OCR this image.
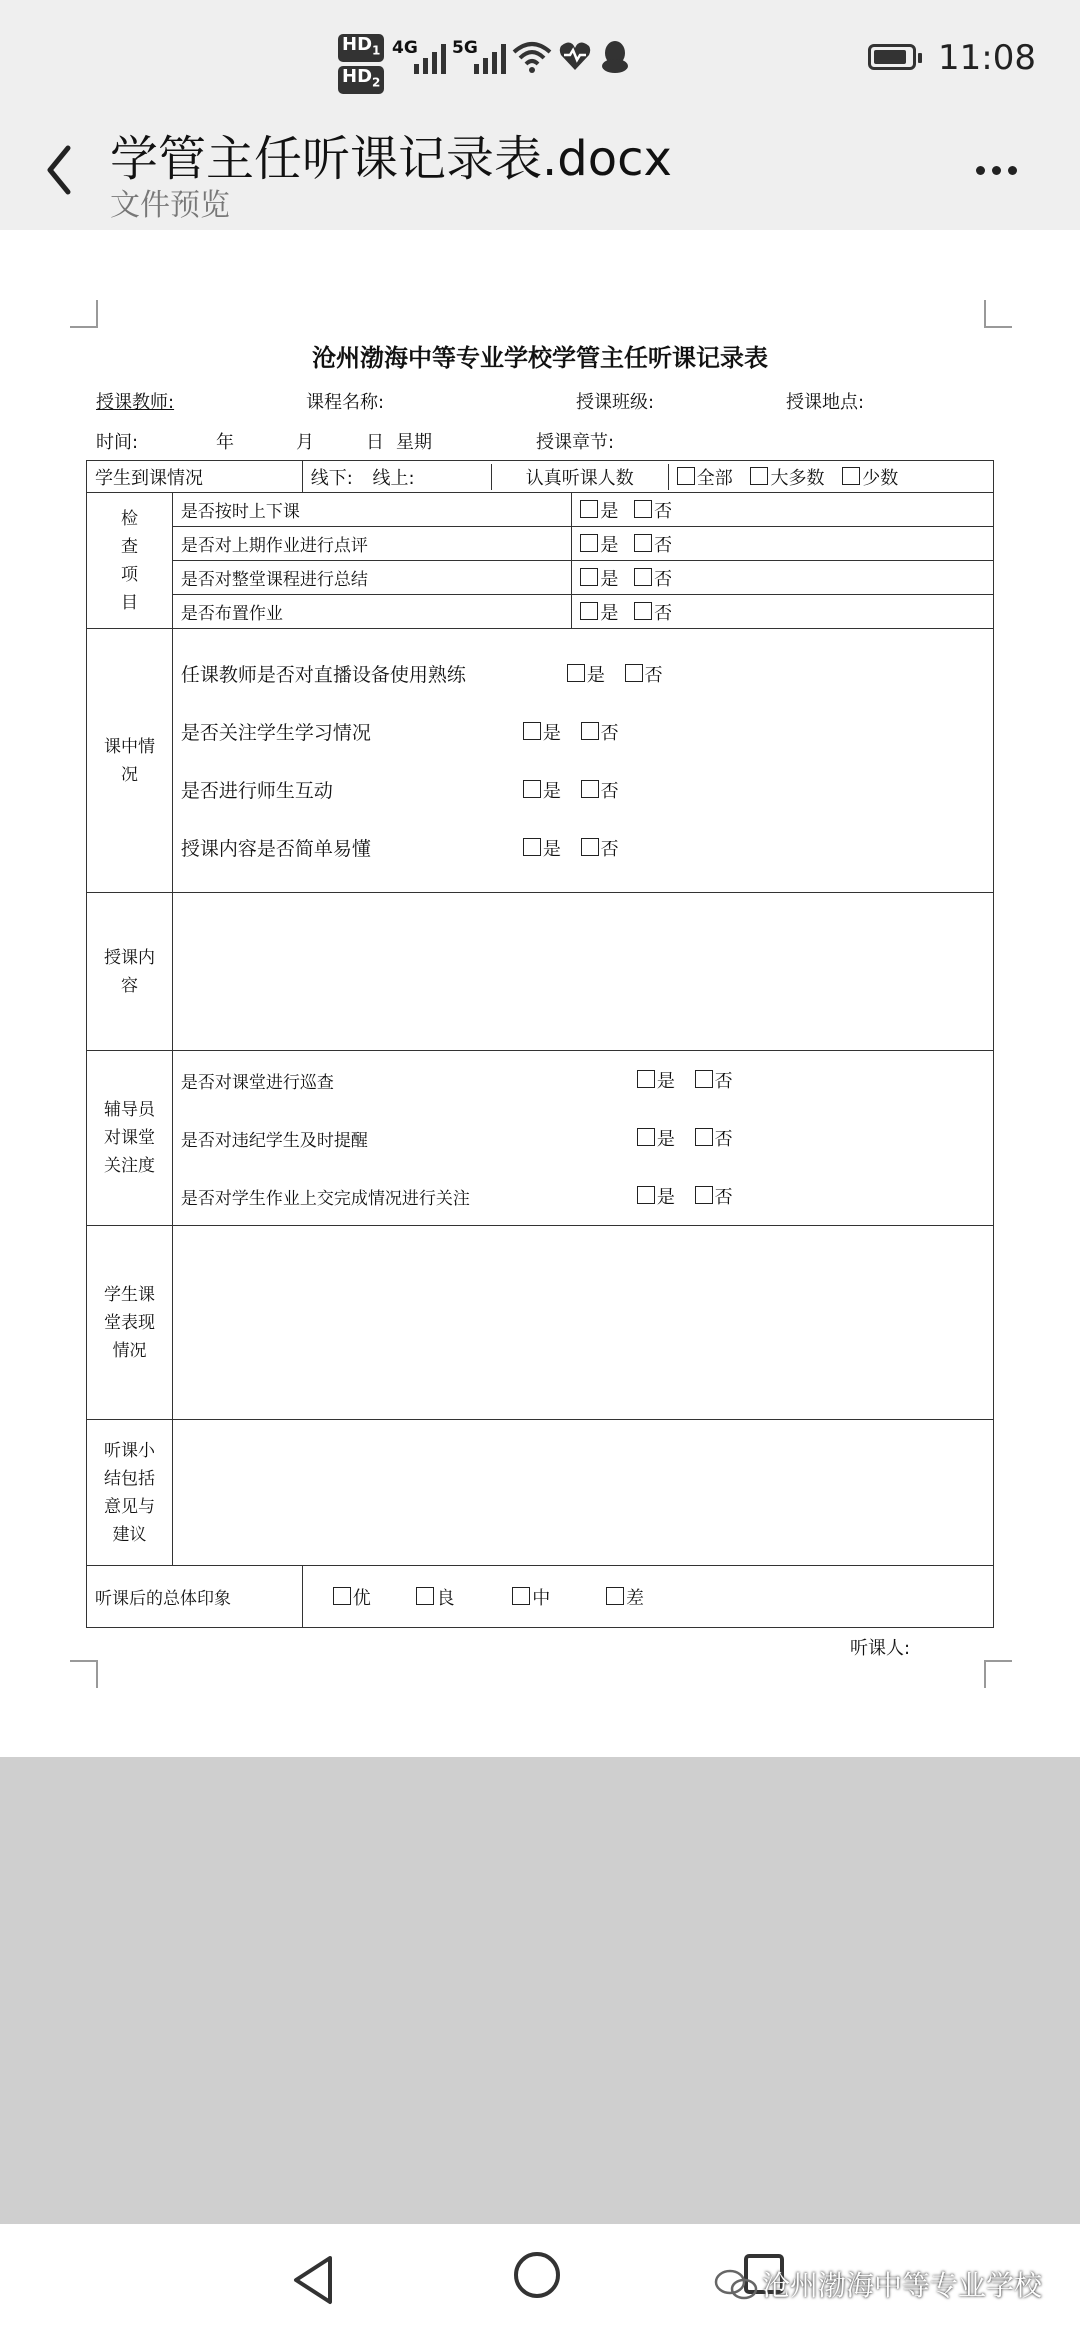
$HD_1$
$HD_2$
4G 5G	11:08
学管主任听课记录表.docx
文件预览
沧州渤海中等专业学校学管主任听课记录表
授课教师:	课程名称:	授课班级:	授课地点:
时间:	年	月	日 星期	授课章节:
学生到课情况		线下: 线上:	认真听课人数	全部 大多数 少数

检
查
项
目
	是否按时上下课	是 否
是否对上期作业进行点评	是 否
是否对整堂课程进行总结	是 否
是否布置作业	是 否

课中情
况

任课教师是否对直播设备使用熟练	是 否
是否关注学生学习情况	是 否
是否进行师生互动	是 否
授课内容是否简单易懂	是 否

授课内
容

辅导员
对课堂
关注度

是否对课堂进行巡查	是 否
是否对违纪学生及时提醒	是 否
是否对学生作业上交完成情况进行关注	是 否

学生课
堂表现
情况

听课小
结包括
意见与
建议

听课后的总体印象	优	良	中	差
听课人:
沧州渤海中等专业学校
